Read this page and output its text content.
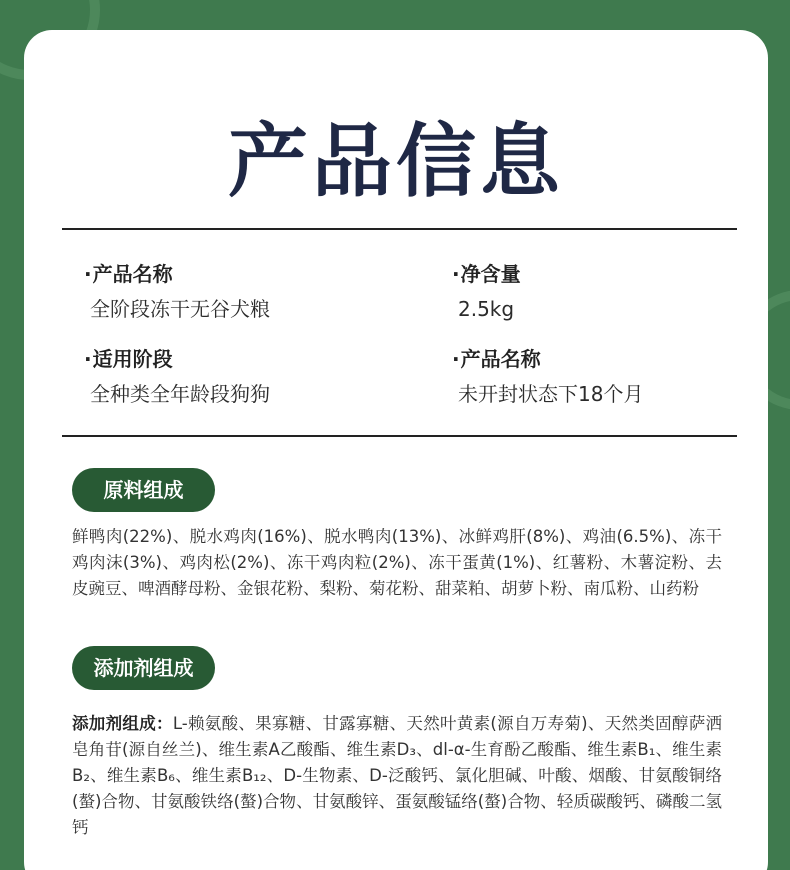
产品信息
· 产品名称
全阶段冻干无谷犬粮
· 净含量
2.5kg
· 适用阶段
全种类全年龄段狗狗
· 产品名称
未开封状态下18个月
原料组成
鲜鸭肉(22%)、脱水鸡肉(16%)、脱水鸭肉(13%)、冰鲜鸡肝(8%)、鸡油(6.5%)、冻干鸡肉沫(3%)、鸡肉松(2%)、冻干鸡肉粒(2%)、冻干蛋黄(1%)、红薯粉、木薯淀粉、去皮豌豆、啤酒酵母粉、金银花粉、梨粉、菊花粉、甜菜粕、胡萝卜粉、南瓜粉、山药粉
添加剂组成
添加剂组成：L-赖氨酸、果寡糖、甘露寡糖、天然叶黄素(源自万寿菊)、天然类固醇萨洒皂角苷(源自丝兰)、维生素A乙酸酯、维生素D₃、dl-α-生育酚乙酸酯、维生素B₁、维生素B₂、维生素B₆、维生素B₁₂、D-生物素、D-泛酸钙、氯化胆碱、叶酸、烟酸、甘氨酸铜络(螯)合物、甘氨酸铁络(螯)合物、甘氨酸锌、蛋氨酸锰络(螯)合物、轻质碳酸钙、磷酸二氢钙
